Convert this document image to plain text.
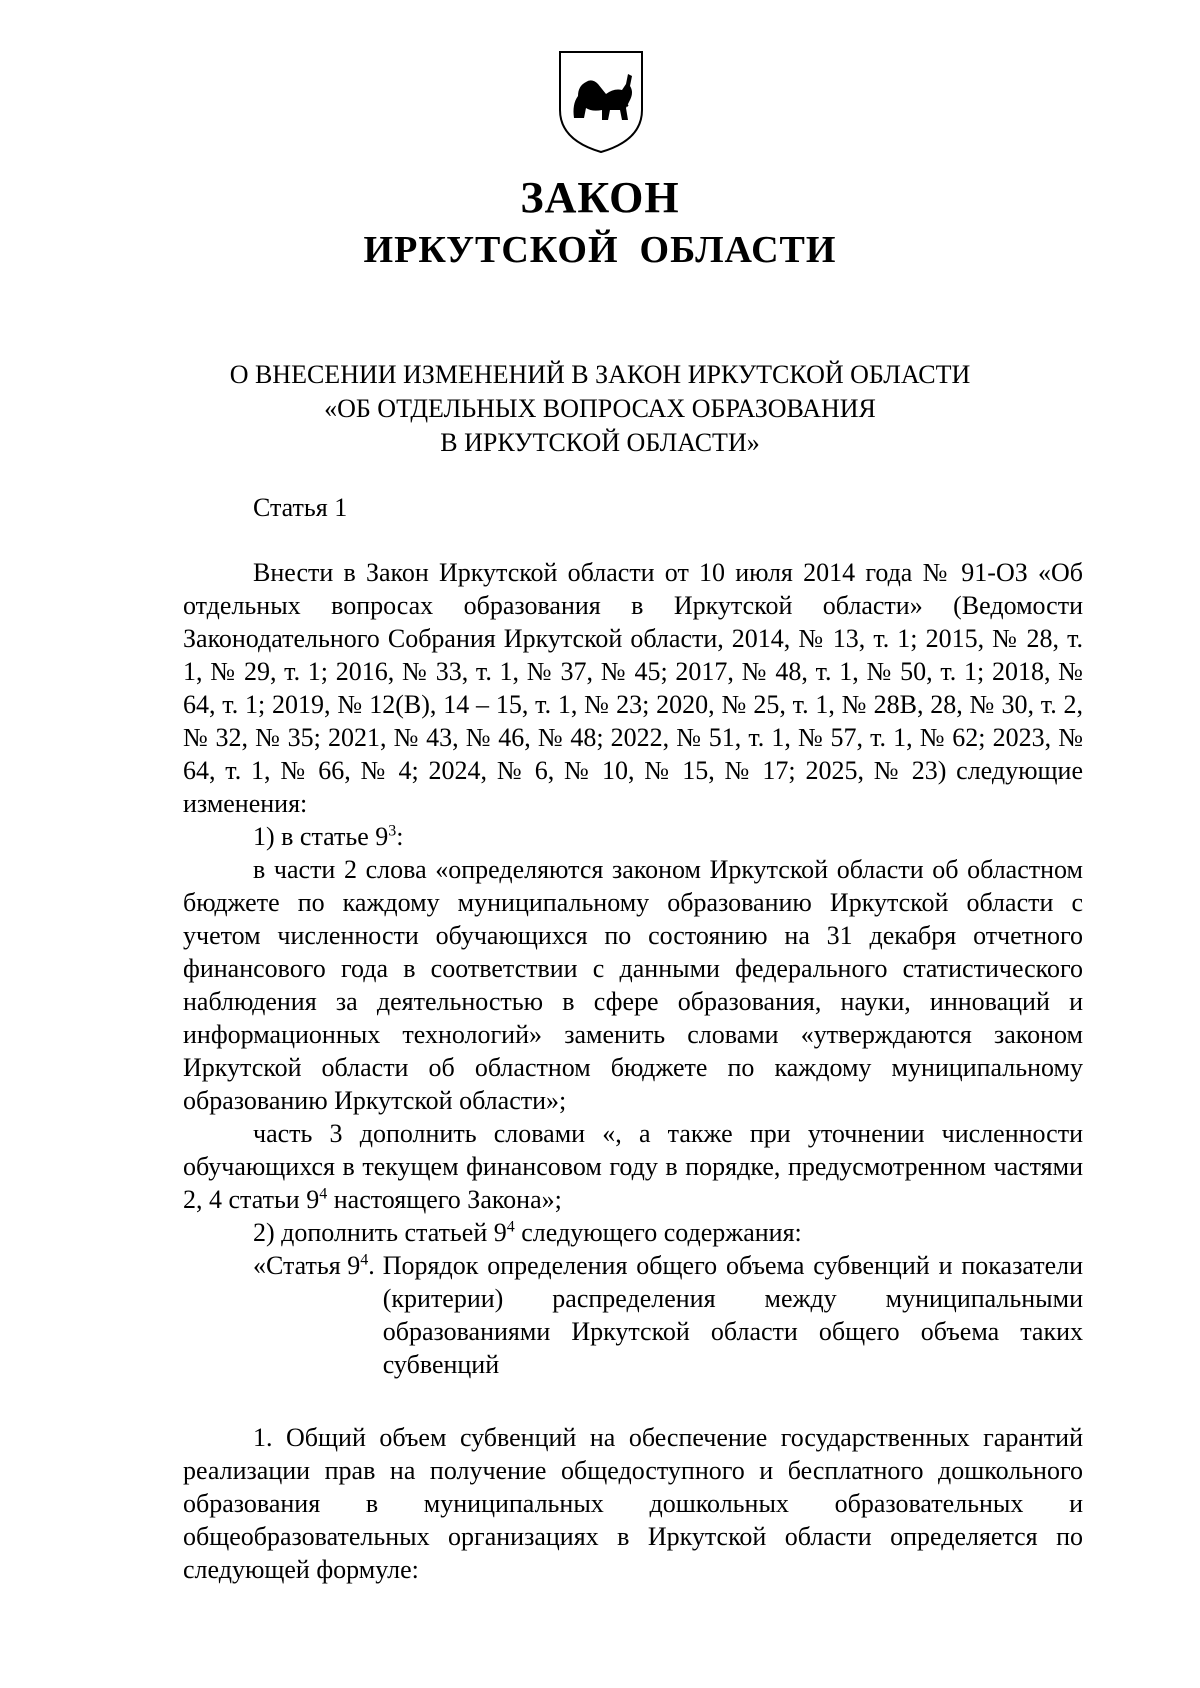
ЗАКОН
ИРКУТСКОЙ  ОБЛАСТИ
О ВНЕСЕНИИ ИЗМЕНЕНИЙ В ЗАКОН ИРКУТСКОЙ ОБЛАСТИ
«ОБ ОТДЕЛЬНЫХ ВОПРОСАХ ОБРАЗОВАНИЯ
В ИРКУТСКОЙ ОБЛАСТИ»
Статья 1

Внести в Закон Иркутской области от 10 июля 2014 года № 91-ОЗ «Об отдельных вопросах образования в Иркутской области» (Ведомости Законодательного Собрания Иркутской области, 2014, № 13, т. 1; 2015, № 28, т. 1, № 29, т. 1; 2016, № 33, т. 1, № 37, № 45; 2017, № 48, т. 1, № 50, т. 1; 2018, № 64, т. 1; 2019, № 12(В), 14 – 15, т. 1, № 23; 2020, № 25, т. 1, № 28В, 28, № 30, т. 2, № 32, № 35; 2021, № 43, № 46, № 48; 2022, № 51, т. 1, № 57, т. 1, № 62; 2023, № 64, т. 1, № 66, № 4; 2024, № 6, № 10, № 15, № 17; 2025, № 23) следующие изменения:

1) в статье $9^3$:

в части 2 слова «определяются законом Иркутской области об областном бюджете по каждому муниципальному образованию Иркутской области с учетом численности обучающихся по состоянию на 31 декабря отчетного финансового года в соответствии с данными федерального статистического наблюдения за деятельностью в сфере образования, науки, инноваций и информационных технологий» заменить словами «утверждаются законом Иркутской области об областном бюджете по каждому муниципальному образованию Иркутской области»;

часть 3 дополнить словами «, а также при уточнении численности обучающихся в текущем финансовом году в порядке, предусмотренном частями 2, 4 статьи $9^4$ настоящего Закона»;

2) дополнить статьей $9^4$ следующего содержания:

«Статья $9^4$. Порядок определения общего объема субвенций и показатели (критерии) распределения между муниципальными образованиями Иркутской области общего объема таких субвенций

1. Общий объем субвенций на обеспечение государственных гарантий реализации прав на получение общедоступного и бесплатного дошкольного образования в муниципальных дошкольных образовательных и общеобразовательных организациях в Иркутской области определяется по следующей формуле:
